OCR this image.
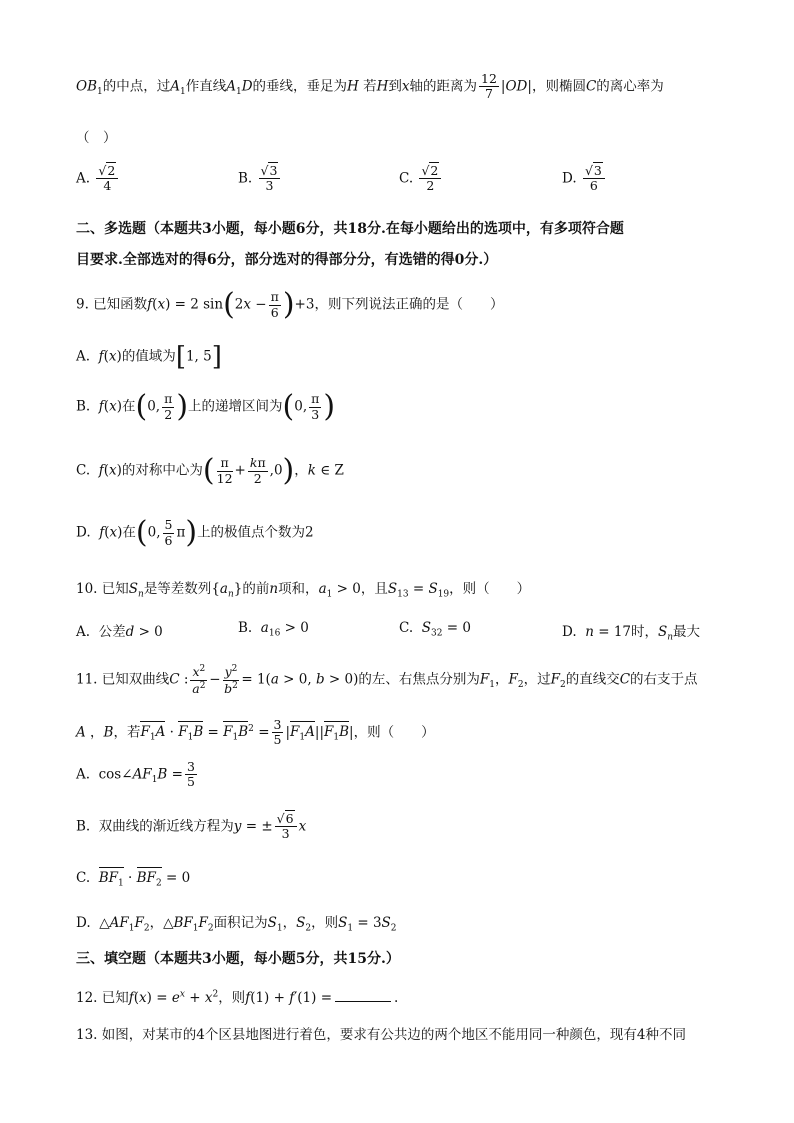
$OB_1$的中点，过$A_1$作直线$A_1D$的垂线，垂足为H 若H到x轴的距离为 $\frac{12}{7} |OD|$，则椭圆C的离心率为
（　）
A. $\frac{√2}{4}$	B. $\frac{√3}{3}$	C. $\frac{√2}{2}$	D. $\frac{√3}{6}$
二、多选题（本题共3小题，每小题6分，共18分.在每小题给出的选项中，有多项符合题
目要求.全部选对的得6分，部分选对的得部分分，有选错的得0分.）
9. 已知函数f(x) = 2 $\sin(2x - \frac{\pi}{6} )+3$，则下列说法正确的是（　　）
A.  f(x)的值域为[1, 5]
B.  f(x)在(0, $\frac{\pi}{2}$ )上的递增区间为(0, $\frac{\pi}{3}$ )
C.  f(x)的对称中心为( $\frac{\pi}{12} + \frac{k\pi}{2} ,0$)，k ∈ Z
D.  f(x)在(0, $\frac{5}{6} \pi$)上的极值点个数为2
10. 已知$S_n$是等差数列$\{a_n\}$的前n项和，$a_1 > 0$，且$S_{13} = S_{19}$，则（　　）
A.  公差d > 0	B.  $a_{16} > 0$	C.  $S_{32} = 0$	D.  n = 17时，$S_n$最大
11. 已知双曲线C : $\frac{x^2}{a^2} - \frac{y^2}{b^2} = 1(a > 0$, b > 0)的左、右焦点分别为$F_1$，$F_2$，过$F_2$的直线交C的右支于点
A ，B，若$F_1A \cdot F_1B = F_1B^2 = \frac{3}{5} |F_1A||F_1B|$，则（　　）
A.  $\cos\angle AF_1B = \frac{3}{5}$
B.  双曲线的渐近线方程为y = ± $\frac{√6}{3}$ x
C.  $BF_1 \cdot BF_2 = 0$
D.  $\triangle AF_1F_2$，$\triangle BF_1F_2$面积记为$S_1$，$S_2$，则$S_1 = 3S_2$
三、填空题（本题共3小题，每小题5分，共15分.）
12. 已知$f(x) = e^x + x^2$，则f(1) + f′(1) =	.
13. 如图，对某市的4个区县地图进行着色，要求有公共边的两个地区不能用同一种颜色，现有4种不同
